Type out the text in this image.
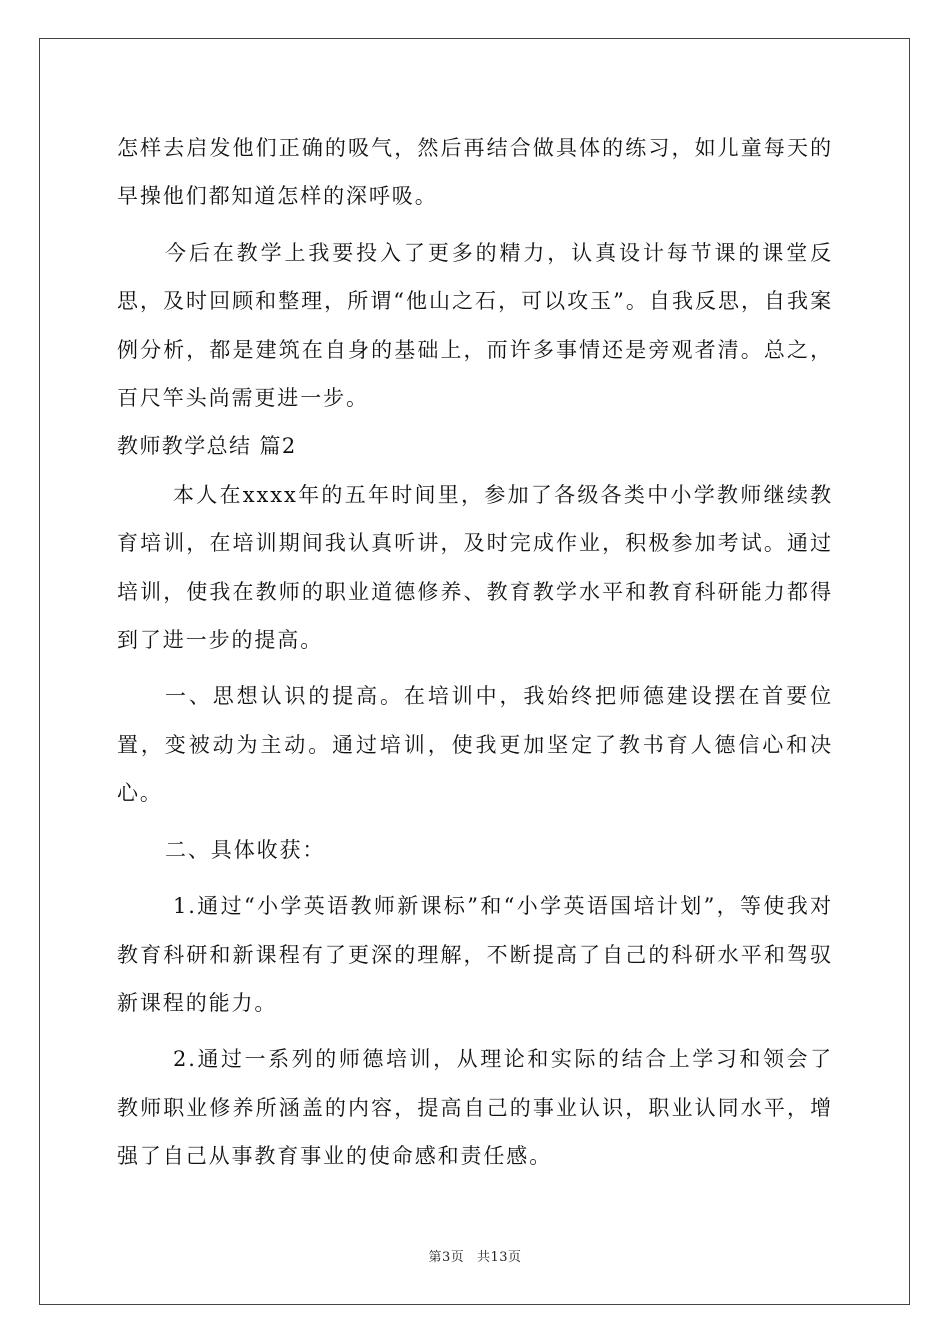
怎样去启发他们正确的吸气，然后再结合做具体的练习，如儿童每天的早操他们都知道怎样的深呼吸。

今后在教学上我要投入了更多的精力，认真设计每节课的课堂反思，及时回顾和整理，所谓“他山之石，可以攻玉”。自我反思，自我案例分析，都是建筑在自身的基础上，而许多事情还是旁观者清。总之，百尺竿头尚需更进一步。

教师教学总结 篇2

本人在xxxx年的五年时间里，参加了各级各类中小学教师继续教育培训，在培训期间我认真听讲，及时完成作业，积极参加考试。通过培训，使我在教师的职业道德修养、教育教学水平和教育科研能力都得到了进一步的提高。

一、思想认识的提高。在培训中，我始终把师德建设摆在首要位置，变被动为主动。通过培训，使我更加坚定了教书育人德信心和决心。

二、具体收获：

1.通过“小学英语教师新课标”和“小学英语国培计划”，等使我对教育科研和新课程有了更深的理解，不断提高了自己的科研水平和驾驭新课程的能力。

2.通过一系列的师德培训，从理论和实际的结合上学习和领会了教师职业修养所涵盖的内容，提高自己的事业认识，职业认同水平，增强了自己从事教育事业的使命感和责任感。

第3页 共13页
